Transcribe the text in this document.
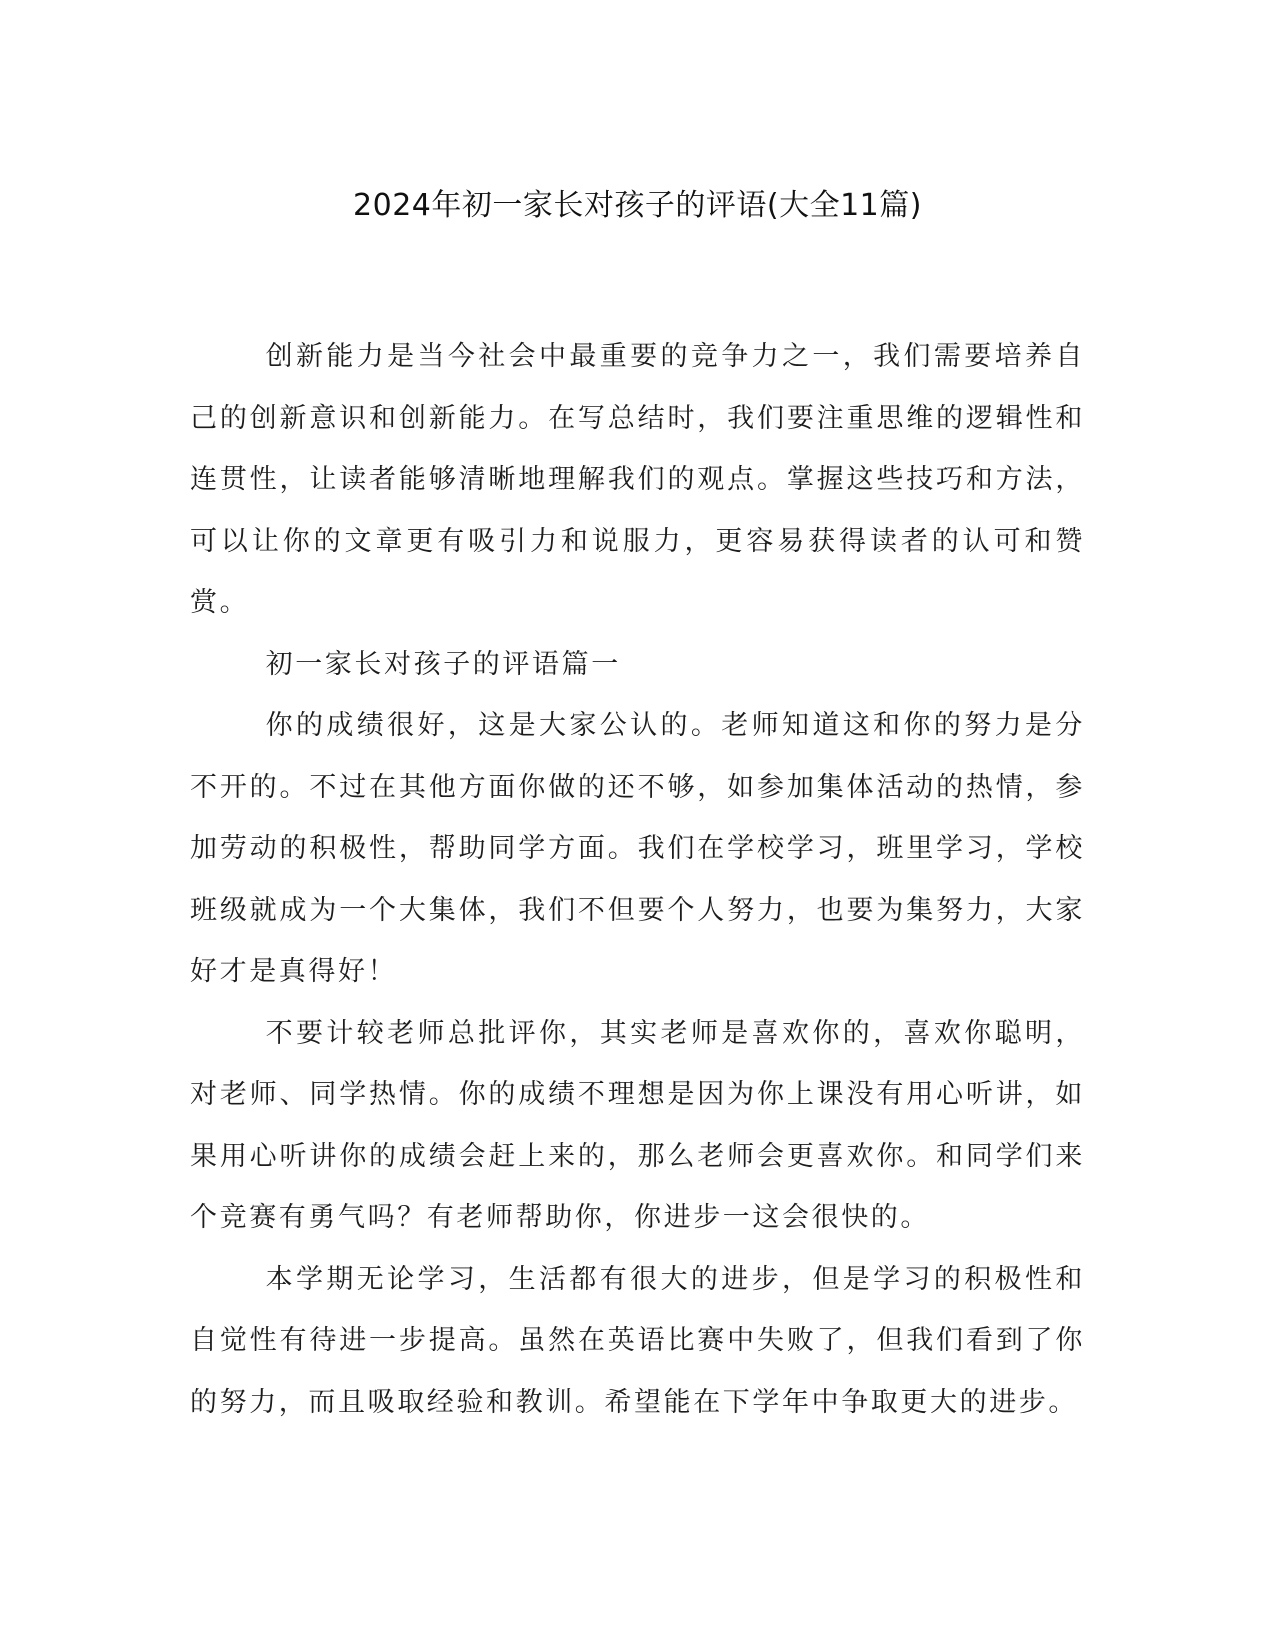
2024年初一家长对孩子的评语(大全11篇)

创新能力是当今社会中最重要的竞争力之一，我们需要培养自己的创新意识和创新能力。在写总结时，我们要注重思维的逻辑性和连贯性，让读者能够清晰地理解我们的观点。掌握这些技巧和方法，可以让你的文章更有吸引力和说服力，更容易获得读者的认可和赞赏。

初一家长对孩子的评语篇一

你的成绩很好，这是大家公认的。老师知道这和你的努力是分不开的。不过在其他方面你做的还不够，如参加集体活动的热情，参加劳动的积极性，帮助同学方面。我们在学校学习，班里学习，学校班级就成为一个大集体，我们不但要个人努力，也要为集努力，大家好才是真得好！

不要计较老师总批评你，其实老师是喜欢你的，喜欢你聪明，对老师、同学热情。你的成绩不理想是因为你上课没有用心听讲，如果用心听讲你的成绩会赶上来的，那么老师会更喜欢你。和同学们来个竞赛有勇气吗？有老师帮助你，你进步一这会很快的。

本学期无论学习，生活都有很大的进步，但是学习的积极性和自觉性有待进一步提高。虽然在英语比赛中失败了，但我们看到了你的努力，而且吸取经验和教训。希望能在下学年中争取更大的进步。
